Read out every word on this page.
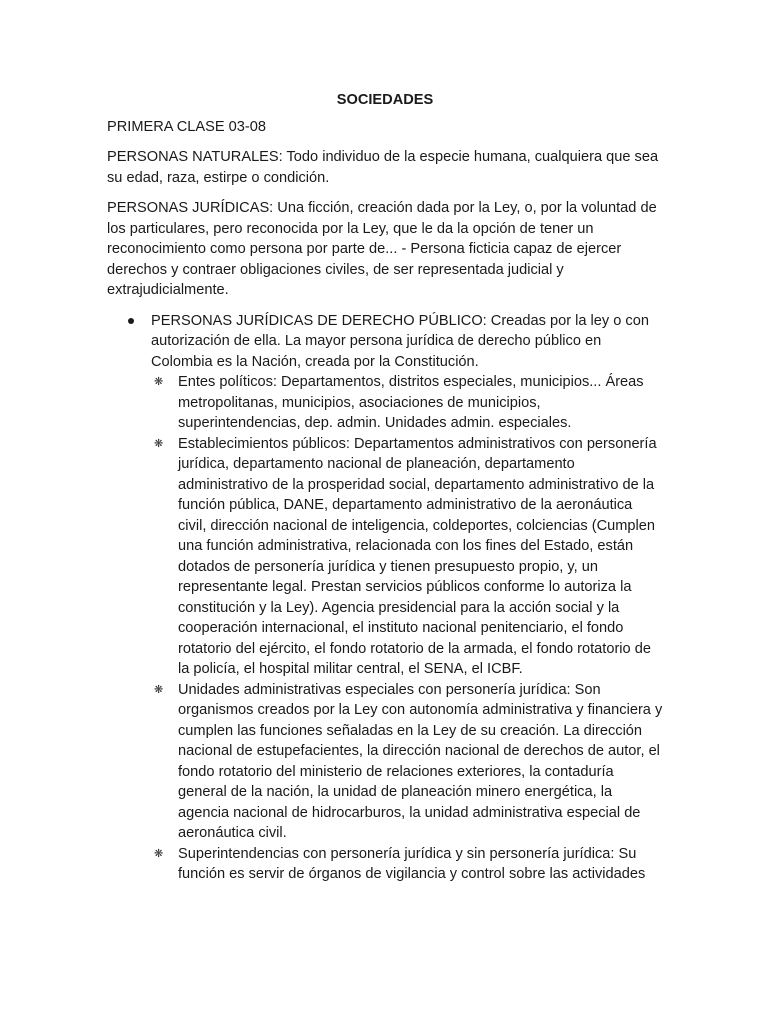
SOCIEDADES

PRIMERA CLASE 03-08

PERSONAS NATURALES: Todo individuo de la especie humana, cualquiera que sea su edad, raza, estirpe o condición.

PERSONAS JURÍDICAS: Una ficción, creación dada por la Ley, o, por la voluntad de los particulares, pero reconocida por la Ley, que le da la opción de tener un reconocimiento como persona por parte de... - Persona ficticia capaz de ejercer derechos y contraer obligaciones civiles, de ser representada judicial y extrajudicialmente.

PERSONAS JURÍDICAS DE DERECHO PÚBLICO: Creadas por la ley o con autorización de ella. La mayor persona jurídica de derecho público en Colombia es la Nación, creada por la Constitución.
❋ Entes políticos: Departamentos, distritos especiales, municipios... Áreas metropolitanas, municipios, asociaciones de municipios, superintendencias, dep. admin. Unidades admin. especiales.
❋ Establecimientos públicos: Departamentos administrativos con personería jurídica, departamento nacional de planeación, departamento administrativo de la prosperidad social, departamento administrativo de la función pública, DANE, departamento administrativo de la aeronáutica civil, dirección nacional de inteligencia, coldeportes, colciencias (Cumplen una función administrativa, relacionada con los fines del Estado, están dotados de personería jurídica y tienen presupuesto propio, y, un representante legal. Prestan servicios públicos conforme lo autoriza la constitución y la Ley). Agencia presidencial para la acción social y la cooperación internacional, el instituto nacional penitenciario, el fondo rotatorio del ejército, el fondo rotatorio de la armada, el fondo rotatorio de la policía, el hospital militar central, el SENA, el ICBF.
❋ Unidades administrativas especiales con personería jurídica: Son organismos creados por la Ley con autonomía administrativa y financiera y cumplen las funciones señaladas en la Ley de su creación. La dirección nacional de estupefacientes, la dirección nacional de derechos de autor, el fondo rotatorio del ministerio de relaciones exteriores, la contaduría general de la nación, la unidad de planeación minero energética, la agencia nacional de hidrocarburos, la unidad administrativa especial de aeronáutica civil.
❋ Superintendencias con personería jurídica y sin personería jurídica: Su función es servir de órganos de vigilancia y control sobre las actividades
